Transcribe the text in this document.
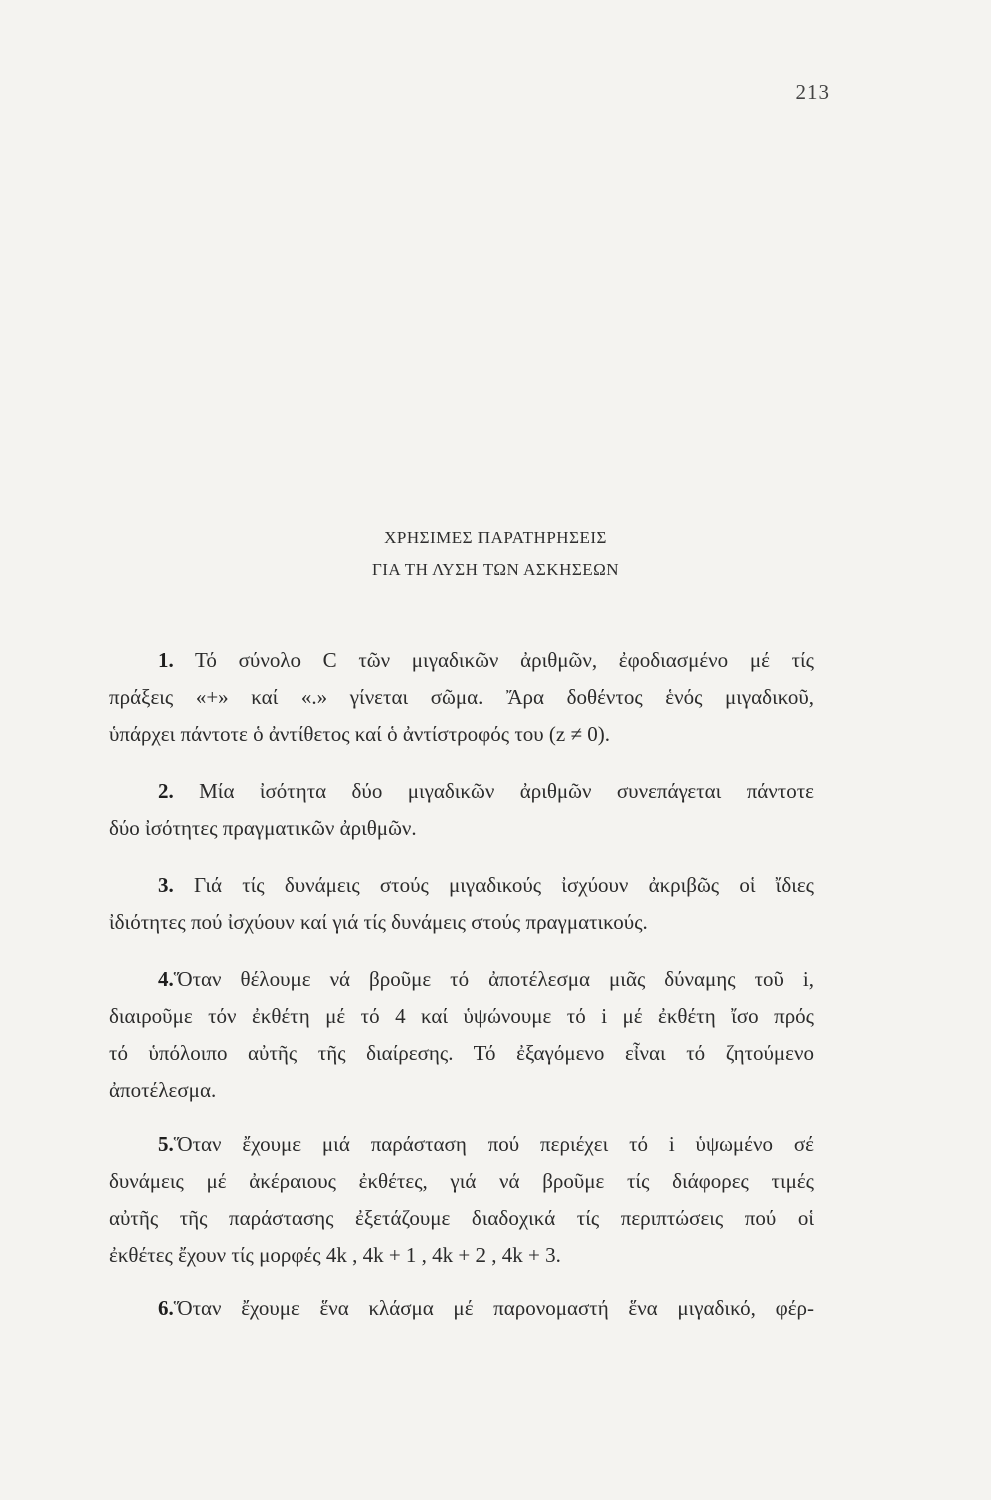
213
ΧΡΗΣΙΜΕΣ ΠΑΡΑΤΗΡΗΣΕΙΣ
ΓΙΑ ΤΗ ΛΥΣΗ ΤΩΝ ΑΣΚΗΣΕΩΝ
1. Τό σύνολο C τῶν μιγαδικῶν ἀριθμῶν, ἐφοδιασμένο μέ τίς
πράξεις «+» καί «.» γίνεται σῶμα. Ἄρα δοθέντος ἑνός μιγαδικοῦ,
ὑπάρχει πάντοτε ὁ ἀντίθετος καί ὁ ἀντίστροφός του (z ≠ 0).
2. Μία ἰσότητα δύο μιγαδικῶν ἀριθμῶν συνεπάγεται πάντοτε
δύο ἰσότητες πραγματικῶν ἀριθμῶν.
3. Γιά τίς δυνάμεις στούς μιγαδικούς ἰσχύουν ἀκριβῶς οἱ ἴδιες
ἰδιότητες πού ἰσχύουν καί γιά τίς δυνάμεις στούς πραγματικούς.
4.Ὅταν θέλουμε νά βροῦμε τό ἀποτέλεσμα μιᾶς δύναμης τοῦ i,
διαιροῦμε τόν ἐκθέτη μέ τό 4 καί ὑψώνουμε τό i μέ ἐκθέτη ἴσο πρός
τό ὑπόλοιπο αὐτῆς τῆς διαίρεσης. Τό ἐξαγόμενο εἶναι τό ζητούμενο
ἀποτέλεσμα.
5.Ὅταν ἔχουμε μιά παράσταση πού περιέχει τό i ὑψωμένο σέ
δυνάμεις μέ ἀκέραιους ἐκθέτες, γιά νά βροῦμε τίς διάφορες τιμές
αὐτῆς τῆς παράστασης ἐξετάζουμε διαδοχικά τίς περιπτώσεις πού οἱ
ἐκθέτες ἔχουν τίς μορφές 4k , 4k + 1 , 4k + 2 , 4k + 3.
6.Ὅταν ἔχουμε ἕνα κλάσμα μέ παρονομαστή ἕνα μιγαδικό, φέρ-
